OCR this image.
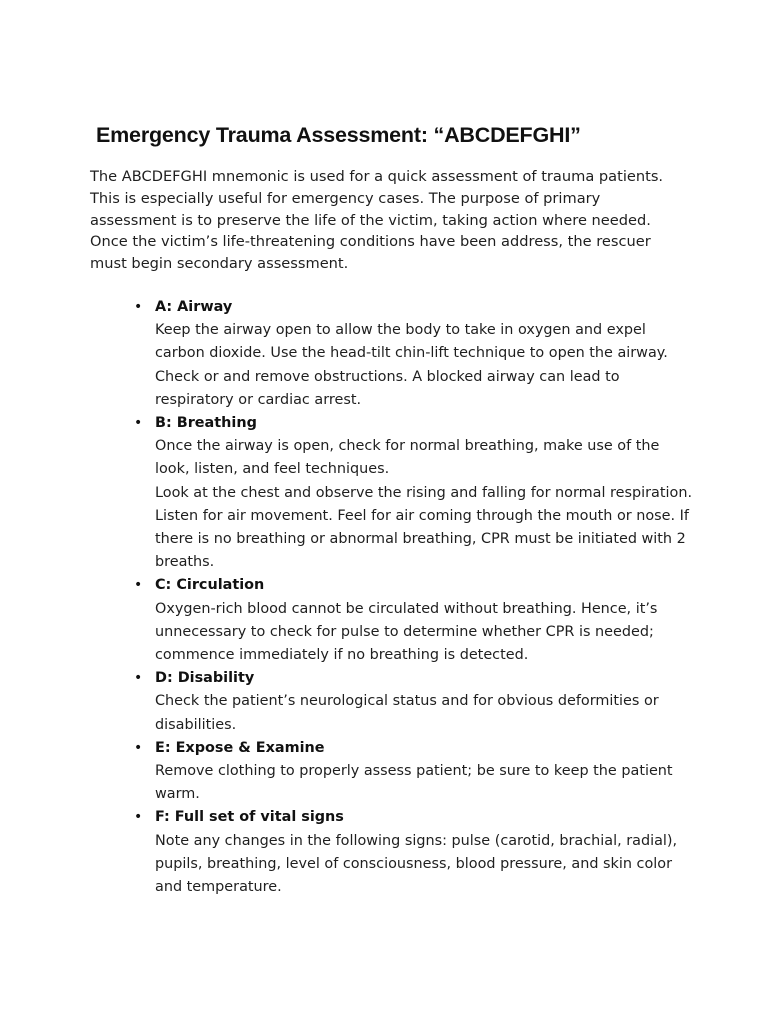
Emergency Trauma Assessment: “ABCDEFGHI”

The ABCDEFGHI mnemonic is used for a quick assessment of trauma patients. This is especially useful for emergency cases. The purpose of primary assessment is to preserve the life of the victim, taking action where needed. Once the victim’s life-threatening conditions have been address, the rescuer must begin secondary assessment.

• A: Airway
Keep the airway open to allow the body to take in oxygen and expel carbon dioxide. Use the head-tilt chin-lift technique to open the airway. Check or and remove obstructions. A blocked airway can lead to respiratory or cardiac arrest.
• B: Breathing
Once the airway is open, check for normal breathing, make use of the look, listen, and feel techniques.
Look at the chest and observe the rising and falling for normal respiration. Listen for air movement. Feel for air coming through the mouth or nose. If there is no breathing or abnormal breathing, CPR must be initiated with 2 breaths.
• C: Circulation
Oxygen-rich blood cannot be circulated without breathing. Hence, it’s unnecessary to check for pulse to determine whether CPR is needed; commence immediately if no breathing is detected.
• D: Disability
Check the patient’s neurological status and for obvious deformities or disabilities.
• E: Expose & Examine
Remove clothing to properly assess patient; be sure to keep the patient warm.
• F: Full set of vital signs
Note any changes in the following signs: pulse (carotid, brachial, radial), pupils, breathing, level of consciousness, blood pressure, and skin color and temperature.
